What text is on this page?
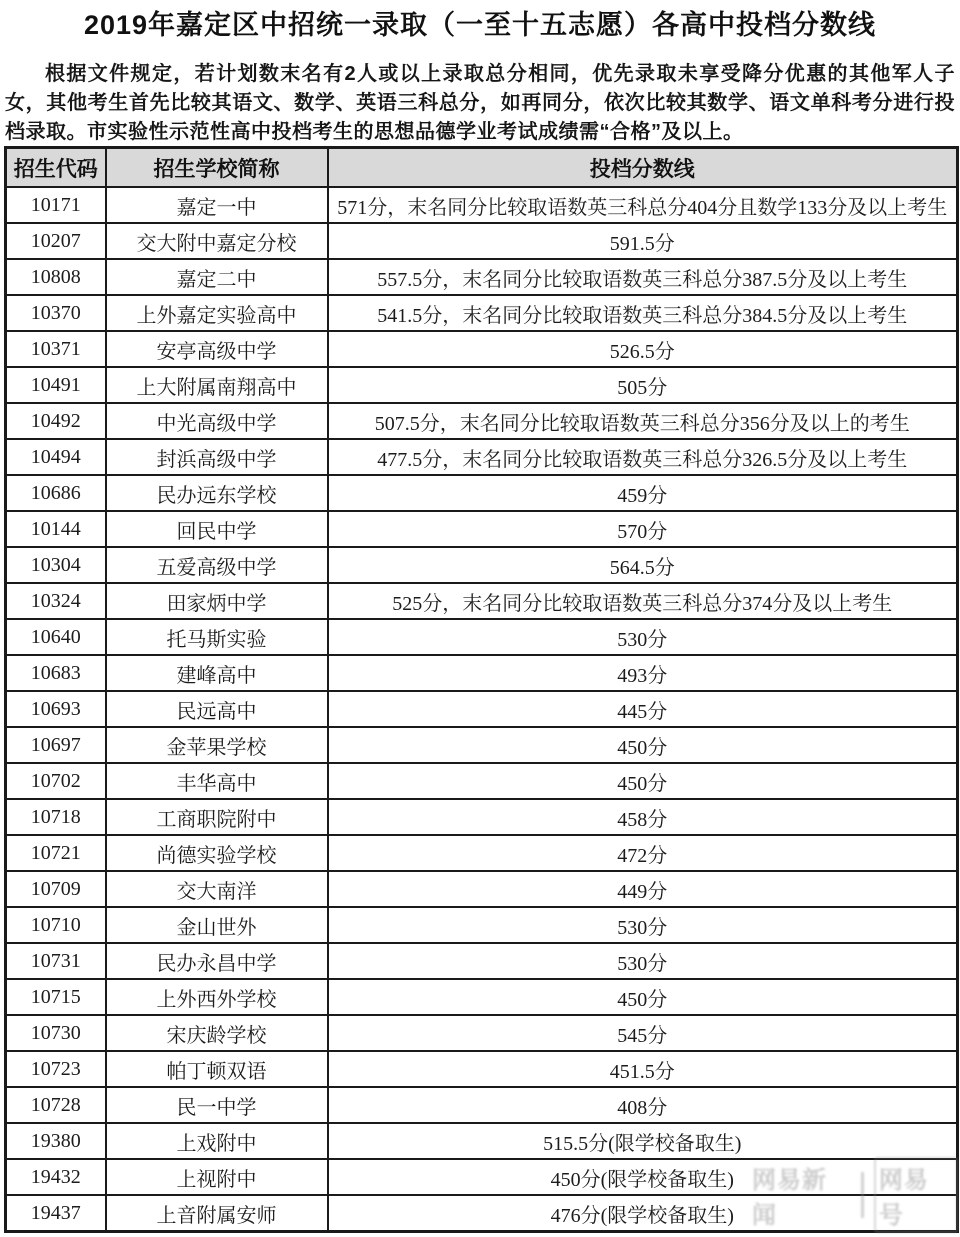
2019年嘉定区中招统一录取（一至十五志愿）各高中投档分数线
根据文件规定，若计划数末名有2人或以上录取总分相同，优先录取未享受降分优惠的其他军人子女，其他考生首先比较其语文、数学、英语三科总分，如再同分，依次比较其数学、语文单科考分进行投档录取。市实验性示范性高中投档考生的思想品德学业考试成绩需“合格”及以上。
招生代码	招生学校简称	投档分数线
10171	嘉定一中	571分，末名同分比较取语数英三科总分404分且数学133分及以上考生
10207	交大附中嘉定分校	591.5分
10808	嘉定二中	557.5分，末名同分比较取语数英三科总分387.5分及以上考生
10370	上外嘉定实验高中	541.5分，末名同分比较取语数英三科总分384.5分及以上考生
10371	安亭高级中学	526.5分
10491	上大附属南翔高中	505分
10492	中光高级中学	507.5分，末名同分比较取语数英三科总分356分及以上的考生
10494	封浜高级中学	477.5分，末名同分比较取语数英三科总分326.5分及以上考生
10686	民办远东学校	459分
10144	回民中学	570分
10304	五爱高级中学	564.5分
10324	田家炳中学	525分，末名同分比较取语数英三科总分374分及以上考生
10640	托马斯实验	530分
10683	建峰高中	493分
10693	民远高中	445分
10697	金苹果学校	450分
10702	丰华高中	450分
10718	工商职院附中	458分
10721	尚德实验学校	472分
10709	交大南洋	449分
10710	金山世外	530分
10731	民办永昌中学	530分
10715	上外西外学校	450分
10730	宋庆龄学校	545分
10723	帕丁顿双语	451.5分
10728	民一中学	408分
19380	上戏附中	515.5分(限学校备取生)
19432	上视附中	450分(限学校备取生)
19437	上音附属安师	476分(限学校备取生)
网易新闻
网易号
